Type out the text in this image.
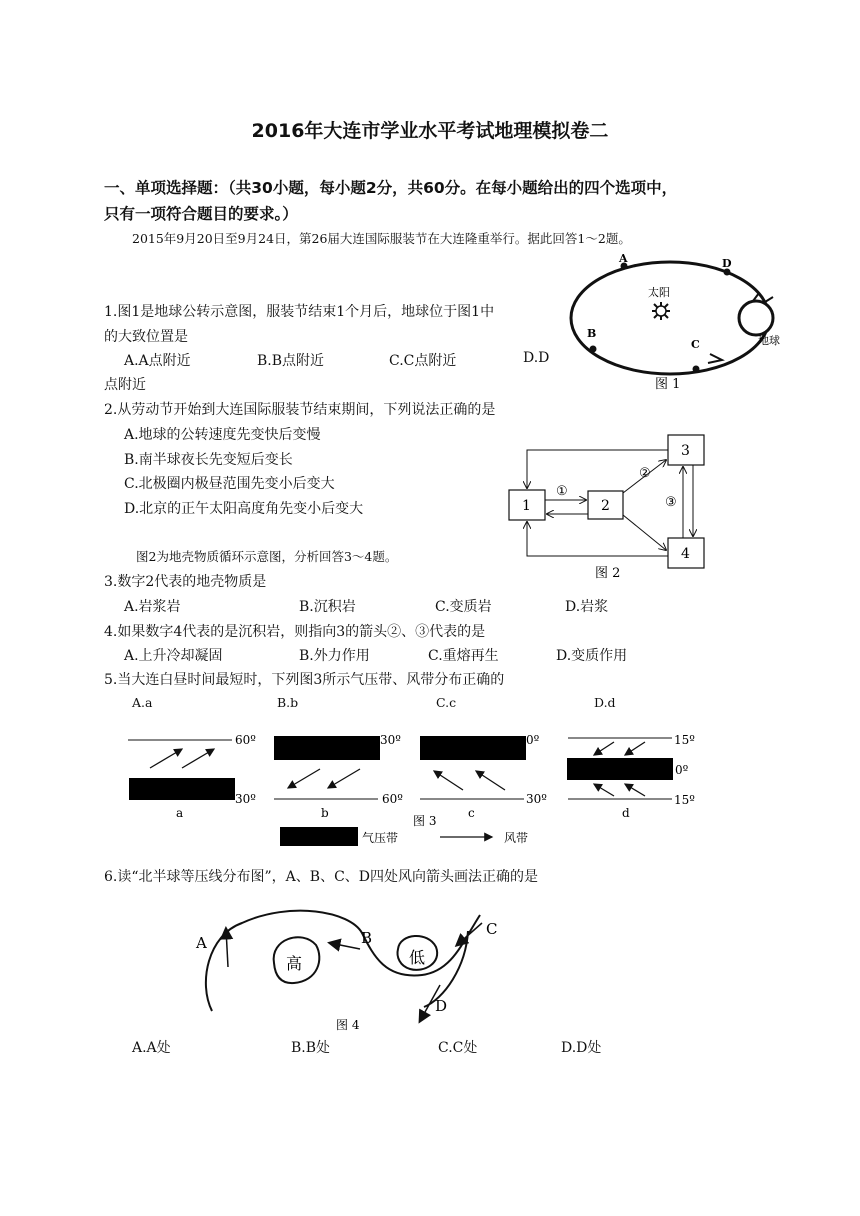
2016年大连市学业水平考试地理模拟卷二
一、单项选择题：（共30小题，每小题2分，共60分。在每小题给出的四个选项中，
只有一项符合题目的要求。）
2015年9月20日至9月24日，第26届大连国际服装节在大连隆重举行。据此回答1～2题。
1.图1是地球公转示意图，服装节结束1个月后，地球位于图1中
的大致位置是
A.A点附近	B.B点附近	C.C点附近	D.D
点附近
A	D
B
C
太阳
地球
图 1
2.从劳动节开始到大连国际服装节结束期间，下列说法正确的是
A.地球的公转速度先变快后变慢
B.南半球夜长先变短后变长
C.北极圈内极昼范围先变小后变大
D.北京的正午太阳高度角先变小后变大	1	2
3
4
①
②
③
图 2
图2为地壳物质循环示意图，分析回答3～4题。
3.数字2代表的地壳物质是
A.岩浆岩	B.沉积岩	C.变质岩	D.岩浆
4.如果数字4代表的是沉积岩，则指向3的箭头②、③代表的是
A.上升冷却凝固	B.外力作用	C.重熔再生	D.变质作用
5.当大连白昼时间最短时，下列图3所示气压带、风带分布正确的
A.a	B.b	C.c	D.d
60º
30º
a
30º
60º
b
0º
30º
c
15º
0º
15º
d
图 3
气压带	风带
6.读“北半球等压线分布图”，A、B、C、D四处风向箭头画法正确的是
高	低
A	B	C
D
图 4
A.A处	B.B处	C.C处	D.D处
